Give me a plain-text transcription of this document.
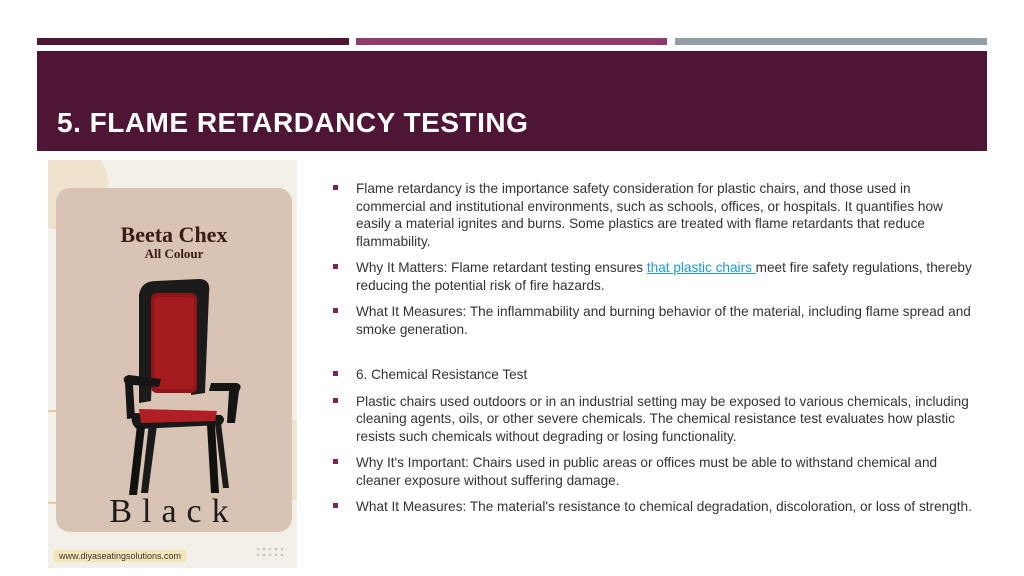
5. FLAME RETARDANCY TESTING
Beeta Chex
All Colour
Black
www.diyaseatingsolutions.com
Flame retardancy is the importance safety consideration for plastic chairs, and those used in commercial and institutional environments, such as schools, offices, or hospitals. It quantifies how easily a material ignites and burns. Some plastics are treated with flame retardants that reduce flammability.
Why It Matters: Flame retardant testing ensures that plastic chairs meet fire safety regulations, thereby reducing the potential risk of fire hazards.
What It Measures: The inflammability and burning behavior of the material, including flame spread and smoke generation.
6. Chemical Resistance Test
Plastic chairs used outdoors or in an industrial setting may be exposed to various chemicals, including cleaning agents, oils, or other severe chemicals. The chemical resistance test evaluates how plastic resists such chemicals without degrading or losing functionality.
Why It's Important: Chairs used in public areas or offices must be able to withstand chemical and cleaner exposure without suffering damage.
What It Measures: The material's resistance to chemical degradation, discoloration, or loss of strength.
